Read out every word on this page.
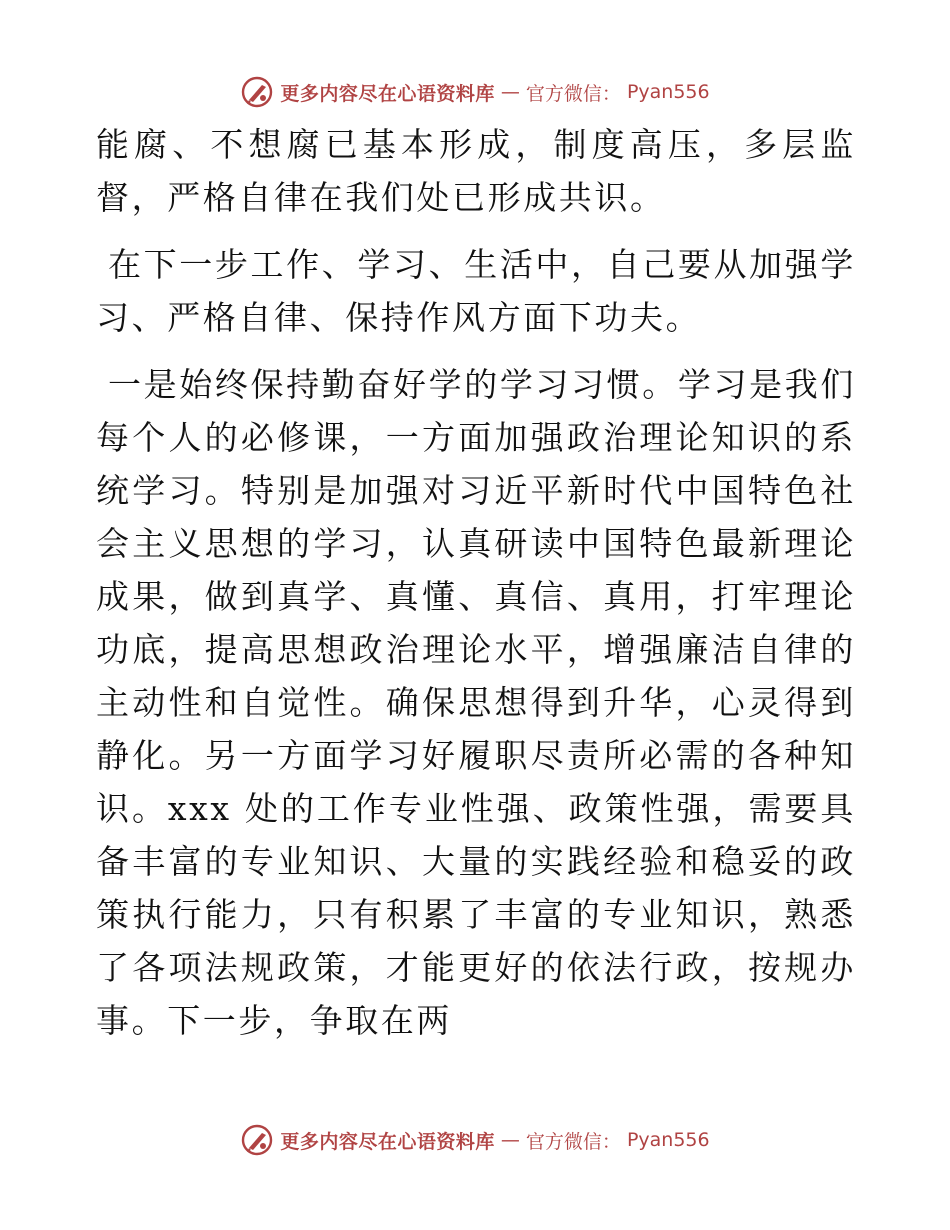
更多内容尽在心语资料库 — 官方微信： Pyan556

能腐、不想腐已基本形成，制度高压，多层监督，严格自律在我们处已形成共识。

在下一步工作、学习、生活中，自己要从加强学习、严格自律、保持作风方面下功夫。

一是始终保持勤奋好学的学习习惯。学习是我们每个人的必修课，一方面加强政治理论知识的系统学习。特别是加强对习近平新时代中国特色社会主义思想的学习，认真研读中国特色最新理论成果，做到真学、真懂、真信、真用，打牢理论功底，提高思想政治理论水平，增强廉洁自律的主动性和自觉性。确保思想得到升华，心灵得到静化。另一方面学习好履职尽责所必需的各种知识。xxx 处的工作专业性强、政策性强，需要具备丰富的专业知识、大量的实践经验和稳妥的政策执行能力，只有积累了丰富的专业知识，熟悉了各项法规政策，才能更好的依法行政，按规办事。下一步，争取在两

更多内容尽在心语资料库 — 官方微信： Pyan556
